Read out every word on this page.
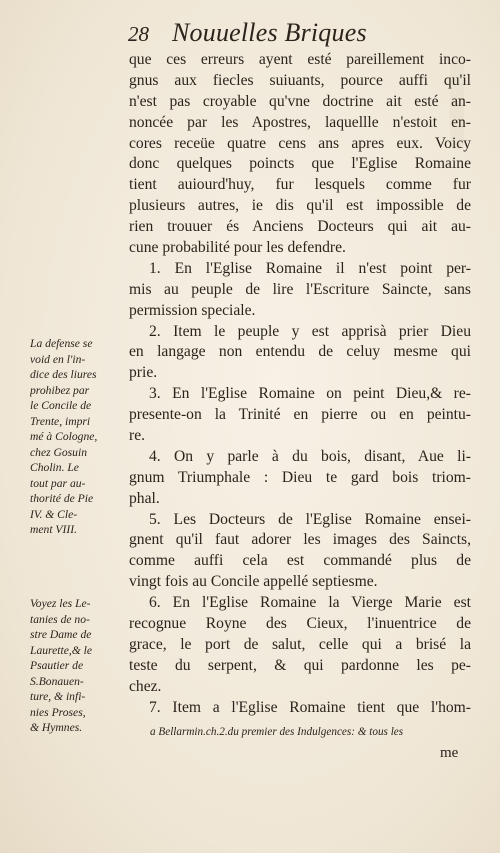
28 Nouuelles Briques
que ces erreurs ayent esté pareillement inco-
gnus aux fiecles suiuants, pource auffi qu'il
n'est pas croyable qu'vne doctrine ait esté an-
noncée par les Apostres, laquellle n'estoit en-
cores receüe quatre cens ans apres eux. Voicy
donc quelques poincts que l'Eglise Romaine
tient auiourd'huy, fur lesquels comme fur
plusieurs autres, ie dis qu'il est impossible de
rien trouuer és Anciens Docteurs qui ait au-
cune probabilité pour les defendre.
1. En l'Eglise Romaine il n'est point per-
mis au peuple de lire l'Escriture Saincte, sans
permission speciale.
2. Item le peuple y est apprisà prier Dieu
en langage non entendu de celuy mesme qui
prie.
3. En l'Eglise Romaine on peint Dieu,& re-
presente-on la Trinité en pierre ou en peintu-
re.
4. On y parle à du bois, disant, Aue li-
gnum Triumphale : Dieu te gard bois triom-
phal.
5. Les Docteurs de l'Eglise Romaine ensei-
gnent qu'il faut adorer les images des Saincts,
comme auffi cela est commandé plus de
vingt fois au Concile appellé septiesme.
6. En l'Eglise Romaine la Vierge Marie est
recognue Royne des Cieux, l'inuentrice de
grace, le port de salut, celle qui a brisé la
teste du serpent, & qui pardonne les pe-
chez.
7. Item a l'Eglise Romaine tient que l'hom-
La defense se
void en l'in-
dice des liures
prohibez par
le Concile de
Trente, impri
mé à Cologne,
chez Gosuin
Cholin. Le
tout par au-
thorité de Pie
IV. & Cle-
ment VIII.
Voyez les Le-
tanies de no-
stre Dame de
Laurette,& le
Psautier de
S.Bonauen-
ture, & infi-
nies Proses,
& Hymnes.	a Bellarmin.ch.2.du premier des Indulgences: & tous les
me
